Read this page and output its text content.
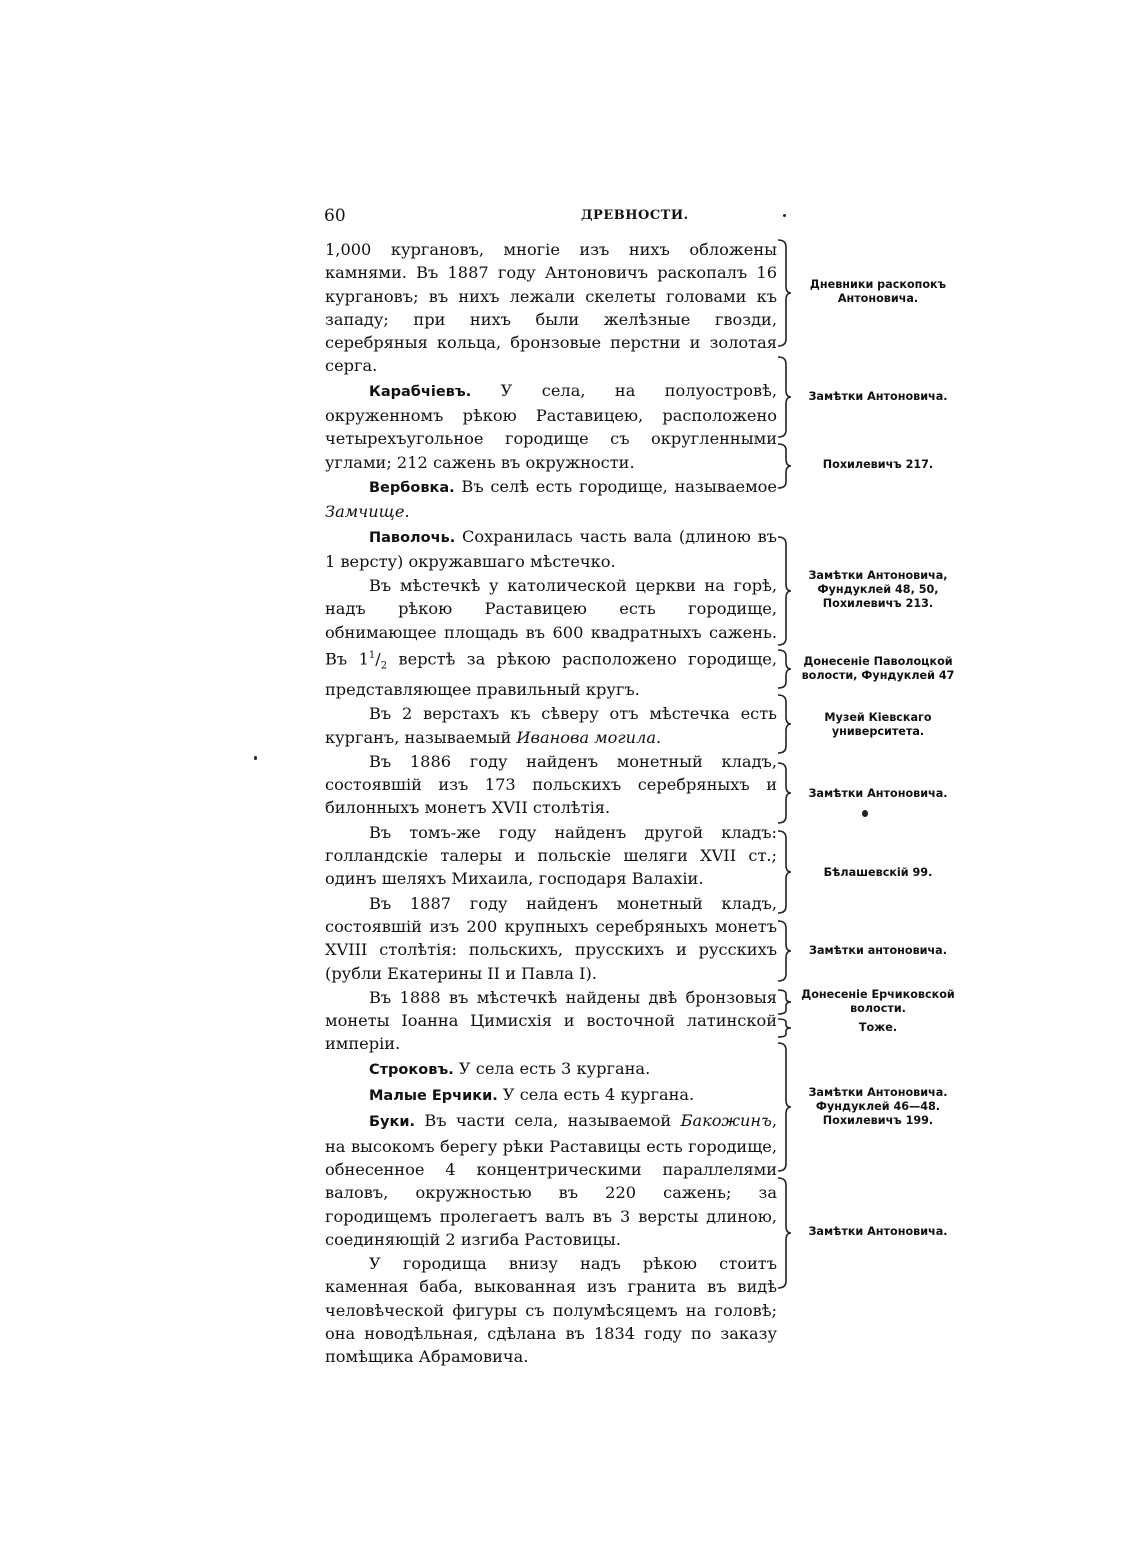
60	ДРЕВНОСТИ.

1,000 кургановъ, многіе изъ нихъ обложены камнями. Въ 1887 году Антоновичъ раскопалъ 16 кургановъ; въ нихъ лежали скелеты головами къ западу; при нихъ были желѣзные гвозди, серебряныя кольца, бронзовые перстни и золотая серга.

Карабчіевъ. У села, на полуостровѣ, окруженномъ рѣкою Раставицею, расположено четырехъугольное городище съ округленными углами; 212 сажень въ окружности.

Вербовка. Въ селѣ есть городище, называемое Замчище.

Паволочь. Сохранилась часть вала (длиною въ 1 версту) окружавшаго мѣстечко.

Въ мѣстечкѣ у католической церкви на горѣ, надъ рѣкою Раставицею есть городище, обнимающее площадь въ 600 квадратныхъ сажень. Въ $1^1/_2$ верстѣ за рѣкою расположено городище, представляющее правильный кругъ.

Въ 2 верстахъ къ сѣверу отъ мѣстечка есть курганъ, называемый Иванова могила.

Въ 1886 году найденъ монетный кладъ, состоявшій изъ 173 польскихъ серебряныхъ и билонныхъ монетъ XVII столѣтія.

Въ томъ-же году найденъ другой кладъ: голландскіе талеры и польскіе шеляги XVII ст.; одинъ шеляхъ Михаила, господаря Валахіи.

Въ 1887 году найденъ монетный кладъ, состоявшій изъ 200 крупныхъ серебряныхъ монетъ XVIII столѣтія: польскихъ, прусскихъ и русскихъ (рубли Екатерины II и Павла I).

Въ 1888 въ мѣстечкѣ найдены двѣ бронзовыя монеты Іоанна Цимисхія и восточной латинской имперіи.

Строковъ. У села есть 3 кургана.

Малые Ерчики. У села есть 4 кургана.

Буки. Въ части села, называемой Бакожинъ, на высокомъ берегу рѣки Раставицы есть городище, обнесенное 4 концентрическими параллелями валовъ, окружностью въ 220 сажень; за городищемъ пролегаетъ валъ въ 3 версты длиною, соединяющій 2 изгиба Растовицы.

У городища внизу надъ рѣкою стоитъ каменная баба, выкованная изъ гранита въ видѣ человѣческой фигуры съ полумѣсяцемъ на головѣ; она новодѣльная, сдѣлана въ 1834 году по заказу помѣщика Абрамовича.

Дневники раскопокъ Антоновича.
Замѣтки Антоновича.
Похилевичъ 217.
Замѣтки Антоновича, Фундуклей 48, 50, Похилевичъ 213.
Донесеніе Паволоцкой волости, Фундуклей 47
Музей Кіевскаго университета.
Замѣтки Антоновича.
Бѣлашевскій 99.
Замѣтки антоновича.
Донесеніе Ерчиковской волости.
Тоже.
Замѣтки Антоновича. Фундуклей 46—48. Похилевичъ 199.
Замѣтки Антоновича.
